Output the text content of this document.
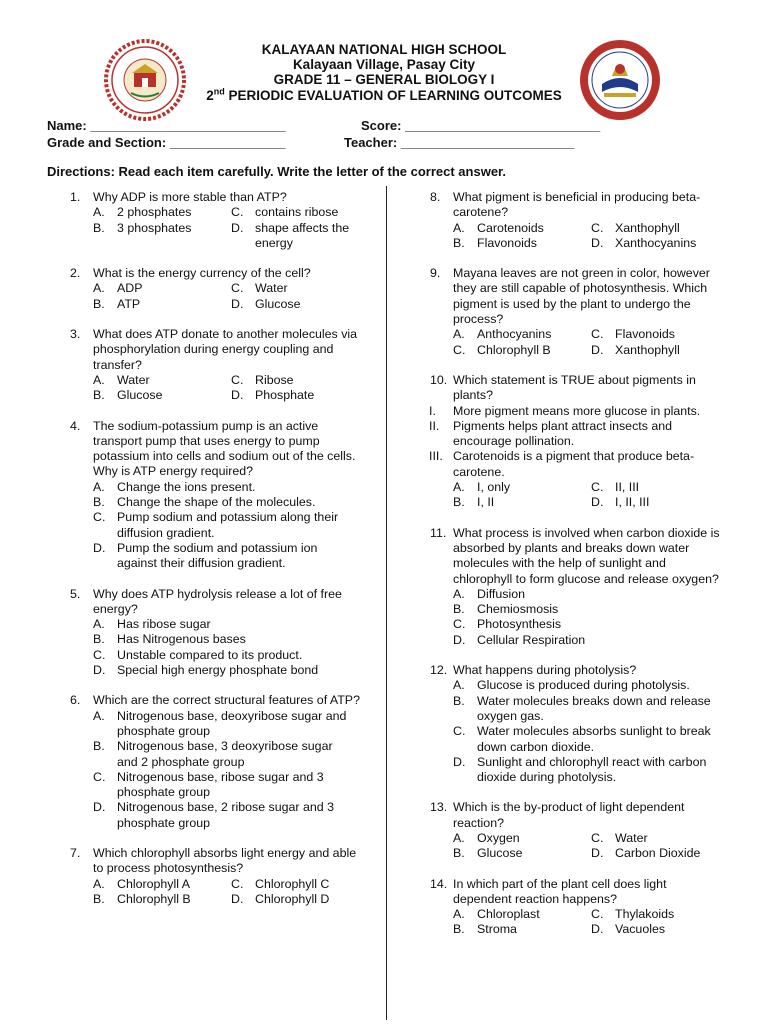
KALAYAAN NATIONAL HIGH SCHOOL
Kalayaan Village, Pasay City
GRADE 11 – GENERAL BIOLOGY I
2nd PERIODIC EVALUATION OF LEARNING OUTCOMES
Name: ___________________________	Score: ___________________________
Grade and Section: ________________	Teacher: ________________________
Directions: Read each item carefully. Write the letter of the correct answer.
1. Why ADP is more stable than ATP?
A. 2 phosphates	C. contains ribose
B. 3 phosphates	D. shape affects the energy
2. What is the energy currency of the cell?
A. ADP	C. Water
B. ATP	D. Glucose
3. What does ATP donate to another molecules via phosphorylation during energy coupling and transfer?
A. Water	C. Ribose
B. Glucose	D. Phosphate
4. The sodium-potassium pump is an active transport pump that uses energy to pump potassium into cells and sodium out of the cells. Why is ATP energy required?
A. Change the ions present.
B. Change the shape of the molecules.
C. Pump sodium and potassium along their diffusion gradient.
D. Pump the sodium and potassium ion against their diffusion gradient.
5. Why does ATP hydrolysis release a lot of free energy?
A. Has ribose sugar
B. Has Nitrogenous bases
C. Unstable compared to its product.
D. Special high energy phosphate bond
6. Which are the correct structural features of ATP?
A. Nitrogenous base, deoxyribose sugar and phosphate group
B. Nitrogenous base, 3 deoxyribose sugar and 2 phosphate group
C. Nitrogenous base, ribose sugar and 3 phosphate group
D. Nitrogenous base, 2 ribose sugar and 3 phosphate group
7. Which chlorophyll absorbs light energy and able to process photosynthesis?
A. Chlorophyll A	C. Chlorophyll C
B. Chlorophyll B	D. Chlorophyll D
8. What pigment is beneficial in producing beta-carotene?
A. Carotenoids	C. Xanthophyll
B. Flavonoids	D. Xanthocyanins
9. Mayana leaves are not green in color, however they are still capable of photosynthesis. Which pigment is used by the plant to undergo the process?
A. Anthocyanins	C. Flavonoids
C. Chlorophyll B	D. Xanthophyll
10. Which statement is TRUE about pigments in plants?
I.	More pigment means more glucose in plants.
II.	Pigments helps plant attract insects and encourage pollination.
III. Carotenoids is a pigment that produce beta-carotene.
A. I, only	C. II, III
B. I, II	D. I, II, III
11. What process is involved when carbon dioxide is absorbed by plants and breaks down water molecules with the help of sunlight and chlorophyll to form glucose and release oxygen?
A. Diffusion
B. Chemiosmosis
C. Photosynthesis
D. Cellular Respiration
12. What happens during photolysis?
A. Glucose is produced during photolysis.
B. Water molecules breaks down and release oxygen gas.
C. Water molecules absorbs sunlight to break down carbon dioxide.
D. Sunlight and chlorophyll react with carbon dioxide during photolysis.
13. Which is the by-product of light dependent reaction?
A. Oxygen	C. Water
B. Glucose	D. Carbon Dioxide
14. In which part of the plant cell does light dependent reaction happens?
A. Chloroplast	C. Thylakoids
B. Stroma	D. Vacuoles
